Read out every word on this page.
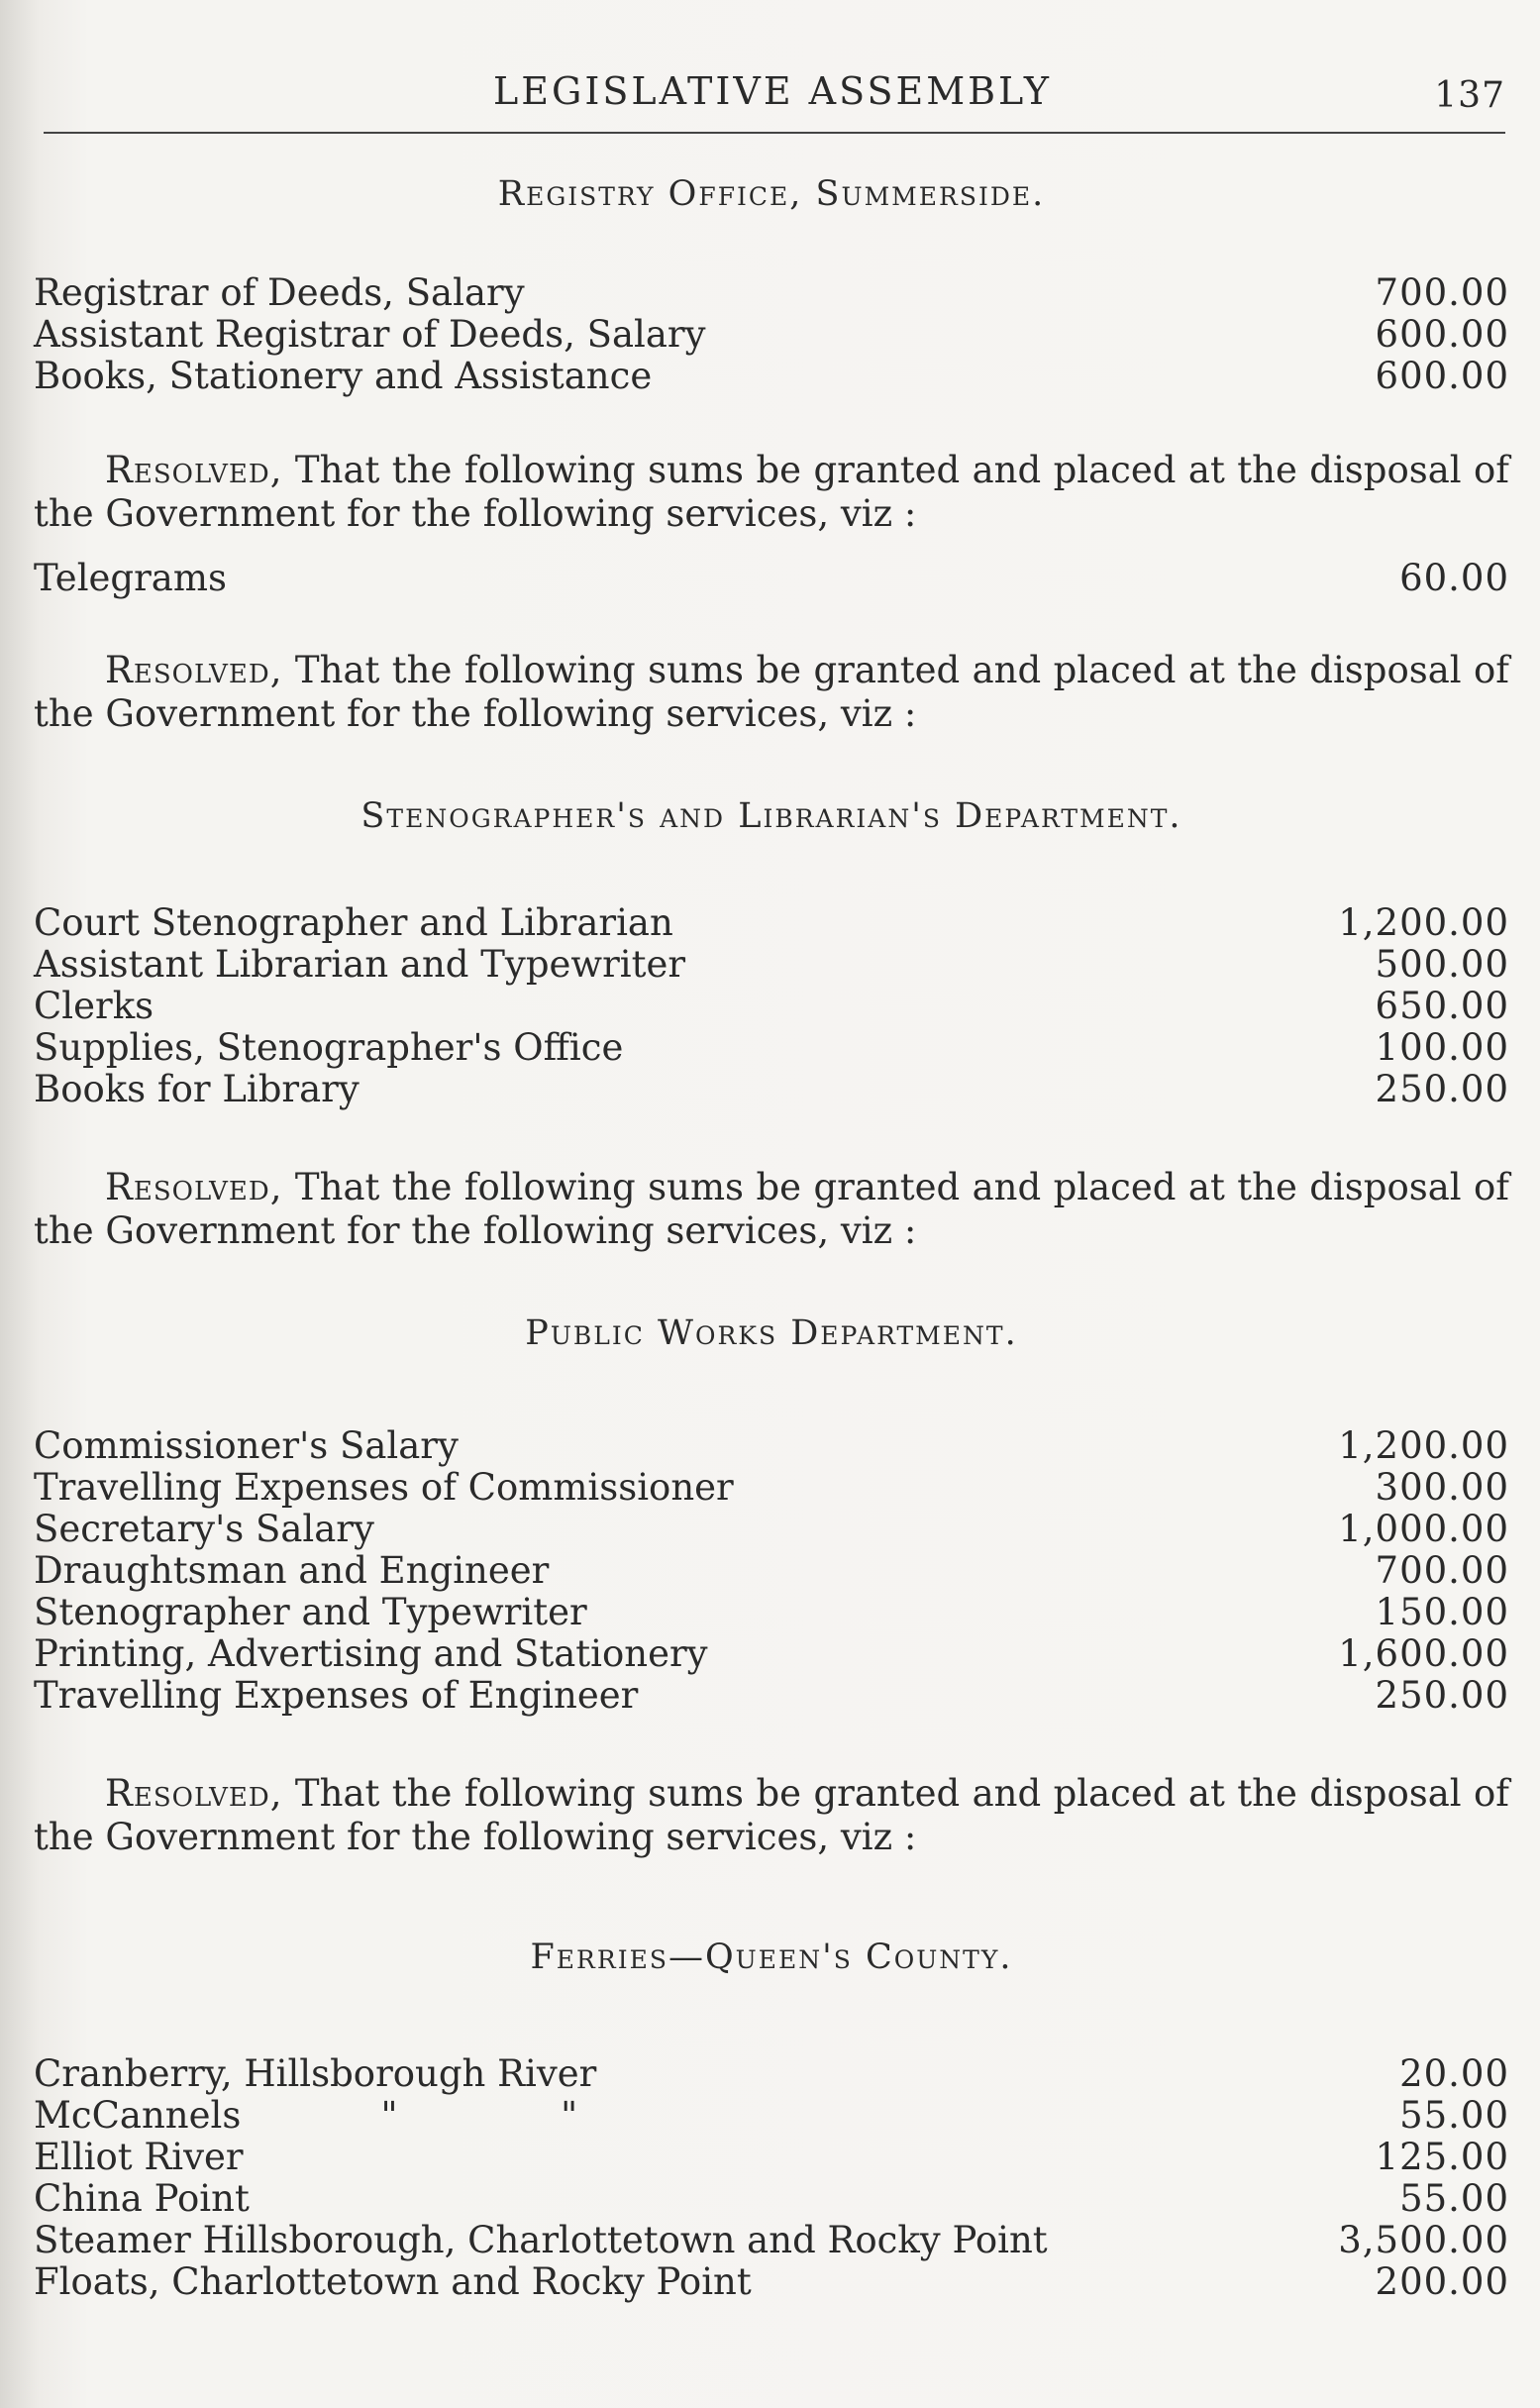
LEGISLATIVE ASSEMBLY	137
Registry Office, Summerside.
Registrar of Deeds, Salary	700.00
Assistant Registrar of Deeds, Salary	600.00
Books, Stationery and Assistance	600.00

Resolved, That the following sums be granted and placed at the disposal of the Government for the following services, viz :

Telegrams	60.00

Resolved, That the following sums be granted and placed at the disposal of the Government for the following services, viz :

Stenographer's and Librarian's Department.
Court Stenographer and Librarian	1,200.00
Assistant Librarian and Typewriter	500.00
Clerks	650.00
Supplies, Stenographer's Office	100.00
Books for Library	250.00

Resolved, That the following sums be granted and placed at the disposal of the Government for the following services, viz :

Public Works Department.
Commissioner's Salary	1,200.00
Travelling Expenses of Commissioner	300.00
Secretary's Salary	1,000.00
Draughtsman and Engineer	700.00
Stenographer and Typewriter	150.00
Printing, Advertising and Stationery	1,600.00
Travelling Expenses of Engineer	250.00

Resolved, That the following sums be granted and placed at the disposal of the Government for the following services, viz :

Ferries—Queen's County.
Cranberry, Hillsborough River	20.00
McCannels            "              "	55.00
Elliot River	125.00
China Point	55.00
Steamer Hillsborough, Charlottetown and Rocky Point	3,500.00
Floats, Charlottetown and Rocky Point	200.00
